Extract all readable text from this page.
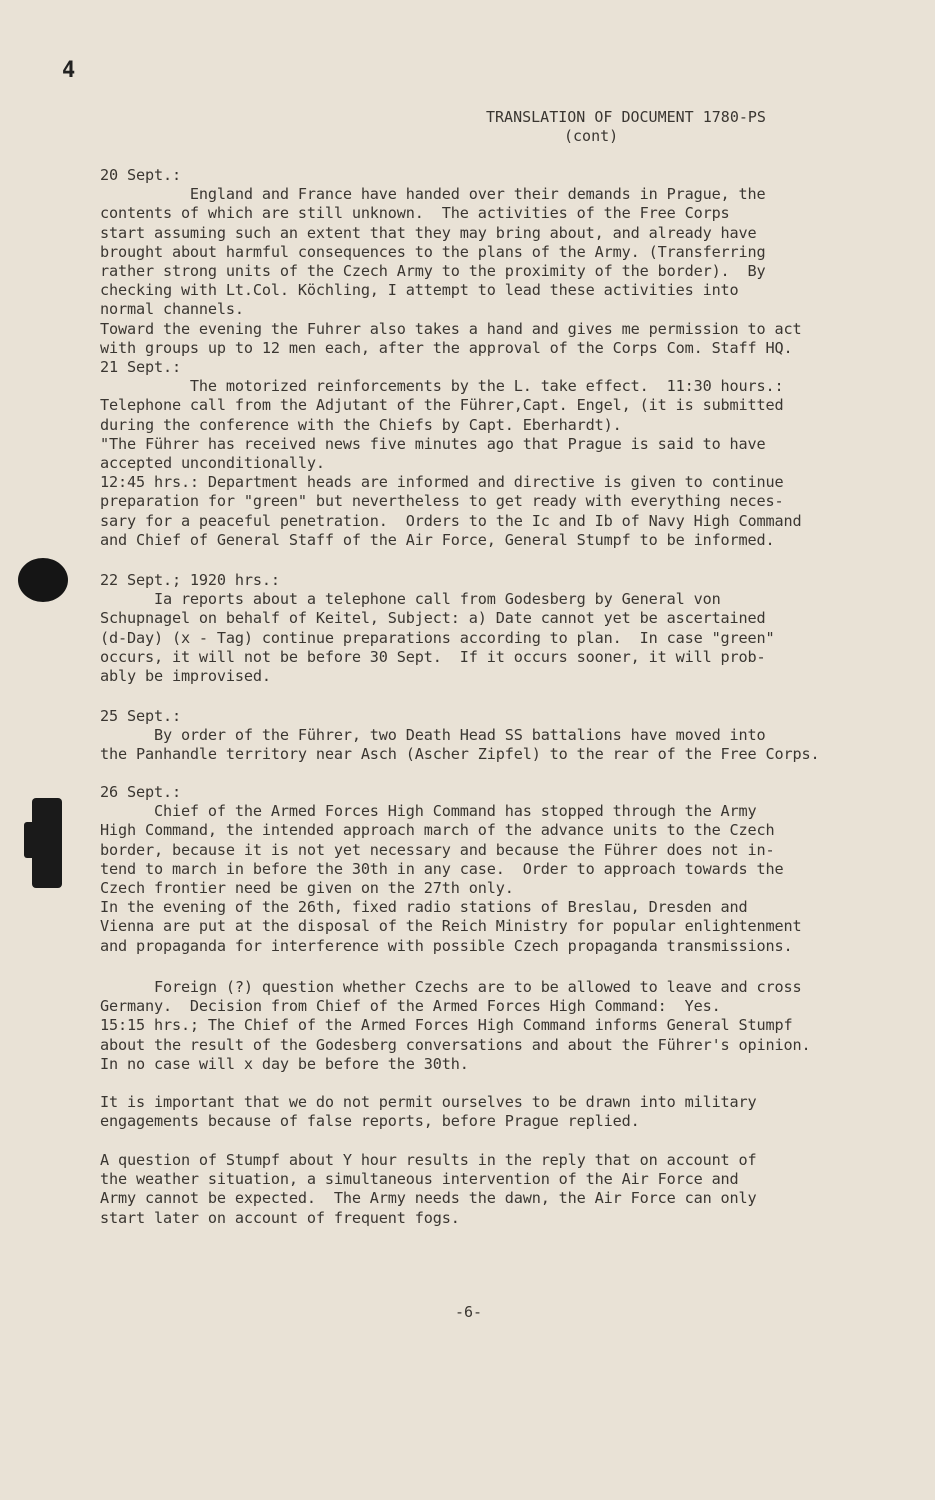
4
TRANSLATION OF DOCUMENT 1780-PS
(cont)
20 Sept.:
England and France have handed over their demands in Prague, the
contents of which are still unknown.  The activities of the Free Corps
start assuming such an extent that they may bring about, and already have
brought about harmful consequences to the plans of the Army. (Transferring
rather strong units of the Czech Army to the proximity of the border).  By
checking with Lt.Col. Köchling, I attempt to lead these activities into
normal channels.
Toward the evening the Fuhrer also takes a hand and gives me permission to act
with groups up to 12 men each, after the approval of the Corps Com. Staff HQ.
21 Sept.:
The motorized reinforcements by the L. take effect.  11:30 hours.:
Telephone call from the Adjutant of the Führer,Capt. Engel, (it is submitted
during the conference with the Chiefs by Capt. Eberhardt).
"The Führer has received news five minutes ago that Prague is said to have
accepted unconditionally.
12:45 hrs.: Department heads are informed and directive is given to continue
preparation for "green" but nevertheless to get ready with everything neces-
sary for a peaceful penetration.  Orders to the Ic and Ib of Navy High Command
and Chief of General Staff of the Air Force, General Stumpf to be informed.
22 Sept.; 1920 hrs.:
Ia reports about a telephone call from Godesberg by General von
Schupnagel on behalf of Keitel, Subject: a) Date cannot yet be ascertained
(d-Day) (x - Tag) continue preparations according to plan.  In case "green"
occurs, it will not be before 30 Sept.  If it occurs sooner, it will prob-
ably be improvised.
25 Sept.:
By order of the Führer, two Death Head SS battalions have moved into
the Panhandle territory near Asch (Ascher Zipfel) to the rear of the Free Corps.
26 Sept.:
Chief of the Armed Forces High Command has stopped through the Army
High Command, the intended approach march of the advance units to the Czech
border, because it is not yet necessary and because the Führer does not in-
tend to march in before the 30th in any case.  Order to approach towards the
Czech frontier need be given on the 27th only.
In the evening of the 26th, fixed radio stations of Breslau, Dresden and
Vienna are put at the disposal of the Reich Ministry for popular enlightenment
and propaganda for interference with possible Czech propaganda transmissions.
Foreign (?) question whether Czechs are to be allowed to leave and cross
Germany.  Decision from Chief of the Armed Forces High Command:  Yes.
15:15 hrs.; The Chief of the Armed Forces High Command informs General Stumpf
about the result of the Godesberg conversations and about the Führer's opinion.
In no case will x day be before the 30th.
It is important that we do not permit ourselves to be drawn into military
engagements because of false reports, before Prague replied.
A question of Stumpf about Y hour results in the reply that on account of
the weather situation, a simultaneous intervention of the Air Force and
Army cannot be expected.  The Army needs the dawn, the Air Force can only
start later on account of frequent fogs.
-6-
